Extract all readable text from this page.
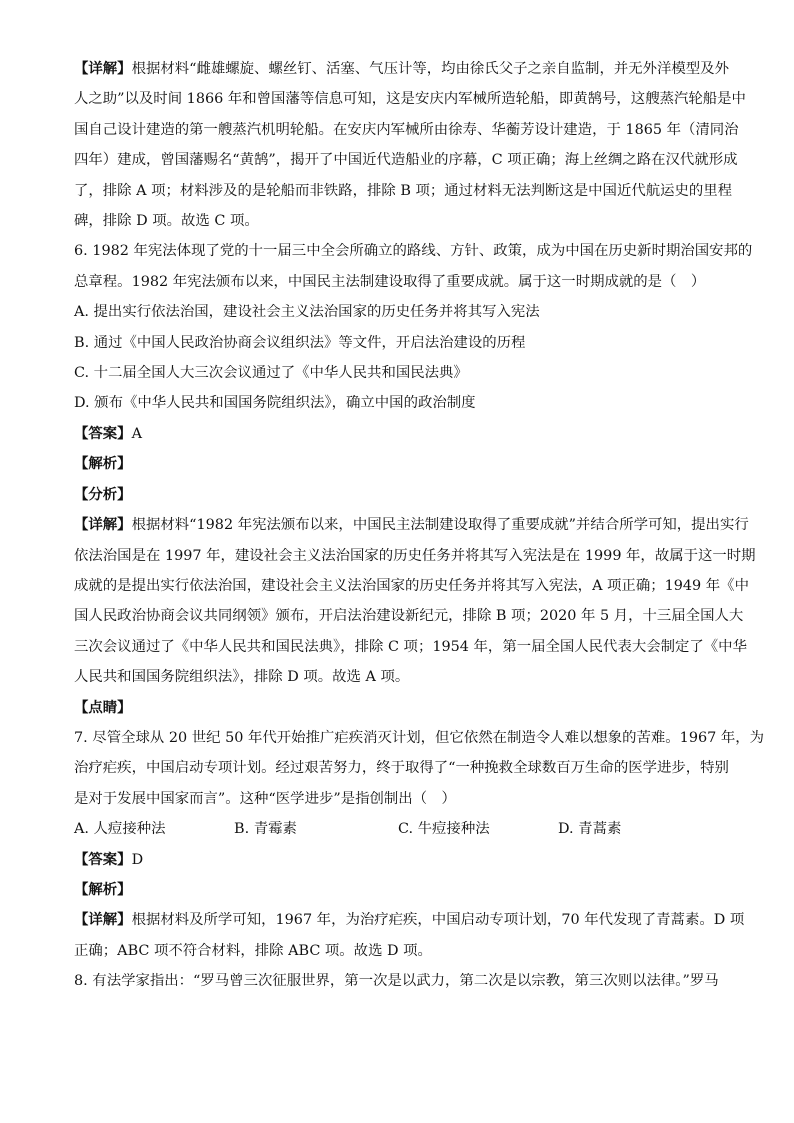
【详解】根据材料“雌雄螺旋、螺丝钉、活塞、气压计等，均由徐氏父子之亲自监制，并无外洋模型及外
人之助”以及时间 1866 年和曾国藩等信息可知，这是安庆内军械所造轮船，即黄鹄号，这艘蒸汽轮船是中
国自己设计建造的第一艘蒸汽机明轮船。在安庆内军械所由徐寿、华蘅芳设计建造，于 1865 年（清同治
四年）建成，曾国藩赐名“黄鹄”，揭开了中国近代造船业的序幕，C 项正确；海上丝绸之路在汉代就形成
了，排除 A 项；材料涉及的是轮船而非铁路，排除 B 项；通过材料无法判断这是中国近代航运史的里程
碑，排除 D 项。故选 C 项。
6. 1982 年宪法体现了党的十一届三中全会所确立的路线、方针、政策，成为中国在历史新时期治国安邦的
总章程。1982 年宪法颁布以来，中国民主法制建设取得了重要成就。属于这一时期成就的是（　）
A. 提出实行依法治国，建设社会主义法治国家的历史任务并将其写入宪法
B. 通过《中国人民政治协商会议组织法》等文件，开启法治建设的历程
C. 十二届全国人大三次会议通过了《中华人民共和国民法典》
D. 颁布《中华人民共和国国务院组织法》，确立中国的政治制度
【答案】A
【解析】
【分析】
【详解】根据材料“1982 年宪法颁布以来，中国民主法制建设取得了重要成就”并结合所学可知，提出实行
依法治国是在 1997 年，建设社会主义法治国家的历史任务并将其写入宪法是在 1999 年，故属于这一时期
成就的是提出实行依法治国，建设社会主义法治国家的历史任务并将其写入宪法，A 项正确；1949 年《中
国人民政治协商会议共同纲领》颁布，开启法治建设新纪元，排除 B 项；2020 年 5 月，十三届全国人大
三次会议通过了《中华人民共和国民法典》，排除 C 项；1954 年，第一届全国人民代表大会制定了《中华
人民共和国国务院组织法》，排除 D 项。故选 A 项。
【点睛】
7. 尽管全球从 20 世纪 50 年代开始推广疟疾消灭计划，但它依然在制造令人难以想象的苦难。1967 年，为
治疗疟疾，中国启动专项计划。经过艰苦努力，终于取得了“一种挽救全球数百万生命的医学进步，特别
是对于发展中国家而言”。这种“医学进步”是指创制出（　）
A. 人痘接种法	B. 青霉素	C. 牛痘接种法	D. 青蒿素
【答案】D
【解析】
【详解】根据材料及所学可知，1967 年，为治疗疟疾，中国启动专项计划，70 年代发现了青蒿素。D 项
正确；ABC 项不符合材料，排除 ABC 项。故选 D 项。
8. 有法学家指出：“罗马曾三次征服世界，第一次是以武力，第二次是以宗教，第三次则以法律。”罗马
